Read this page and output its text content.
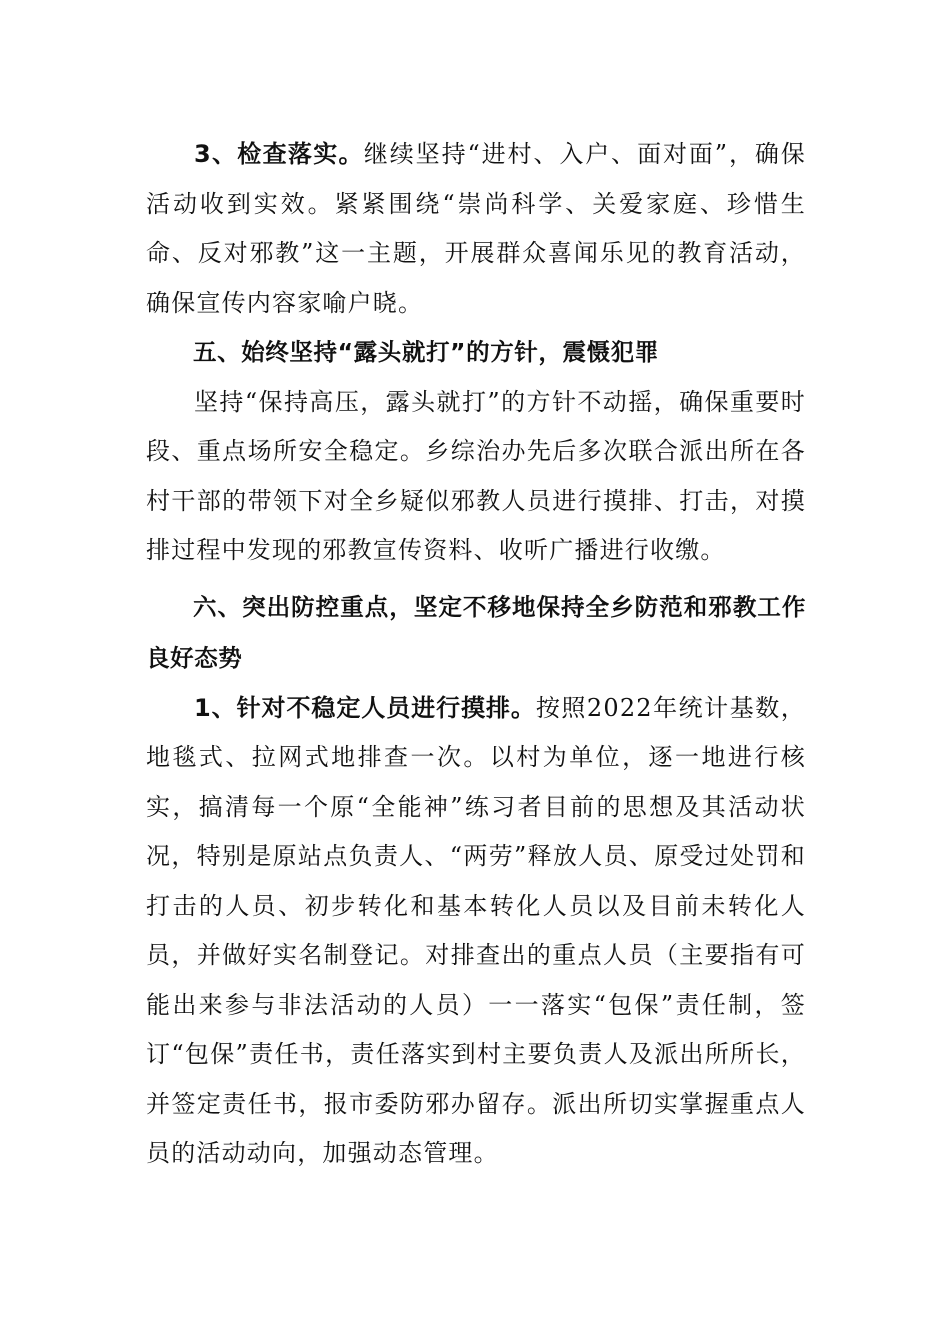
3、检查落实。继续坚持“进村、入户、面对面”，确保活动收到实效。紧紧围绕“崇尚科学、关爱家庭、珍惜生命、反对邪教”这一主题，开展群众喜闻乐见的教育活动，确保宣传内容家喻户晓。

五、始终坚持“露头就打”的方针，震慑犯罪

坚持“保持高压，露头就打”的方针不动摇，确保重要时段、重点场所安全稳定。乡综治办先后多次联合派出所在各村干部的带领下对全乡疑似邪教人员进行摸排、打击，对摸排过程中发现的邪教宣传资料、收听广播进行收缴。

六、突出防控重点，坚定不移地保持全乡防范和邪教工作良好态势

1、针对不稳定人员进行摸排。按照2022年统计基数，地毯式、拉网式地排查一次。以村为单位，逐一地进行核实，搞清每一个原“全能神”练习者目前的思想及其活动状况，特别是原站点负责人、“两劳”释放人员、原受过处罚和打击的人员、初步转化和基本转化人员以及目前未转化人员，并做好实名制登记。对排查出的重点人员（主要指有可能出来参与非法活动的人员）一一落实“包保”责任制，签订“包保”责任书，责任落实到村主要负责人及派出所所长，并签定责任书，报市委防邪办留存。派出所切实掌握重点人员的活动动向，加强动态管理。
